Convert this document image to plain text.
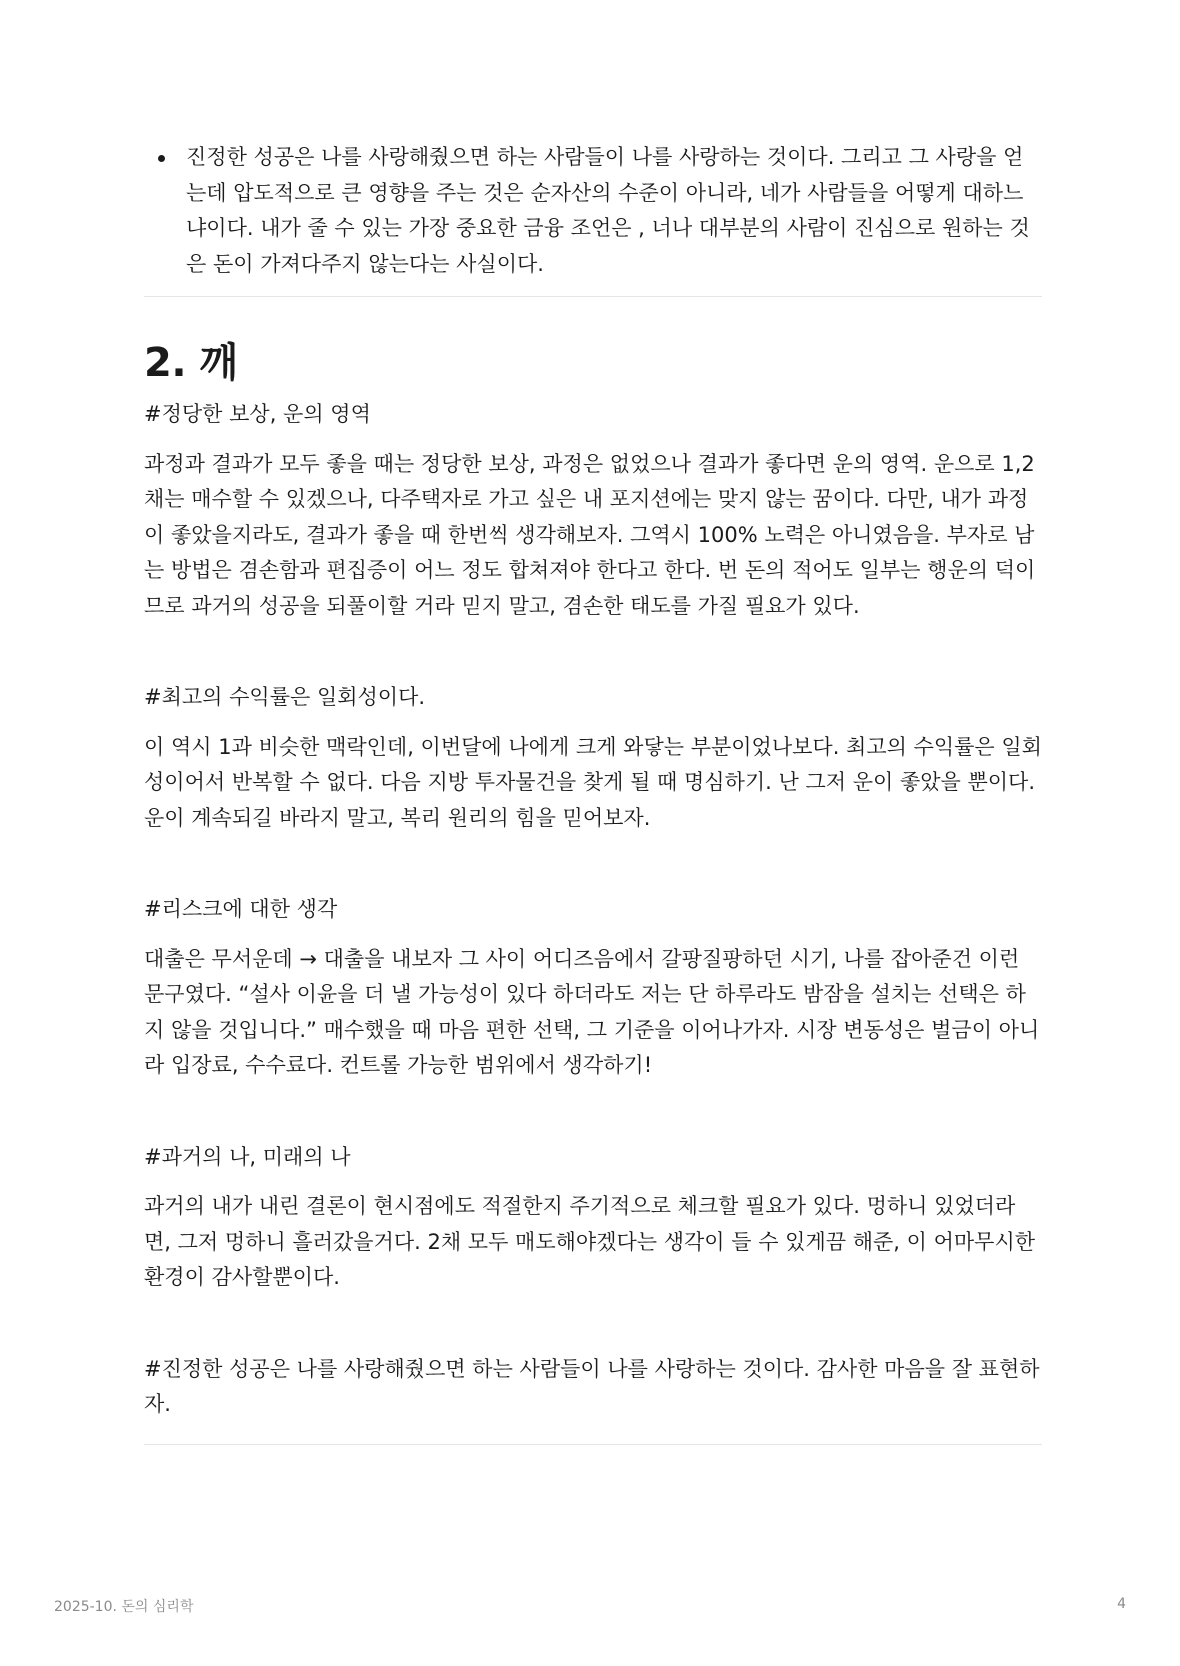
진정한 성공은 나를 사랑해줬으면 하는 사람들이 나를 사랑하는 것이다. 그리고 그 사랑을 얻는데 압도적으로 큰 영향을 주는 것은 순자산의 수준이 아니라, 네가 사람들을 어떻게 대하느냐이다. 내가 줄 수 있는 가장 중요한 금융 조언은 , 너나 대부분의 사람이 진심으로 원하는 것은 돈이 가져다주지 않는다는 사실이다.
2. 깨

#정당한 보상, 운의 영역

과정과 결과가 모두 좋을 때는 정당한 보상, 과정은 없었으나 결과가 좋다면 운의 영역. 운으로 1,2채는 매수할 수 있겠으나, 다주택자로 가고 싶은 내 포지션에는 맞지 않는 꿈이다. 다만, 내가 과정이 좋았을지라도, 결과가 좋을 때 한번씩 생각해보자. 그역시 100% 노력은 아니였음을. 부자로 남는 방법은 겸손함과 편집증이 어느 정도 합쳐져야 한다고 한다. 번 돈의 적어도 일부는 행운의 덕이므로 과거의 성공을 되풀이할 거라 믿지 말고, 겸손한 태도를 가질 필요가 있다.

#최고의 수익률은 일회성이다.

이 역시 1과 비슷한 맥락인데, 이번달에 나에게 크게 와닿는 부분이었나보다. 최고의 수익률은 일회성이어서 반복할 수 없다. 다음 지방 투자물건을 찾게 될 때 명심하기. 난 그저 운이 좋았을 뿐이다. 운이 계속되길 바라지 말고, 복리 원리의 힘을 믿어보자.

#리스크에 대한 생각

대출은 무서운데 → 대출을 내보자 그 사이 어디즈음에서 갈팡질팡하던 시기, 나를 잡아준건 이런 문구였다. “설사 이윤을 더 낼 가능성이 있다 하더라도 저는 단 하루라도 밤잠을 설치는 선택은 하지 않을 것입니다.” 매수했을 때 마음 편한 선택, 그 기준을 이어나가자. 시장 변동성은 벌금이 아니라 입장료, 수수료다. 컨트롤 가능한 범위에서 생각하기!

#과거의 나, 미래의 나

과거의 내가 내린 결론이 현시점에도 적절한지 주기적으로 체크할 필요가 있다. 멍하니 있었더라면, 그저 멍하니 흘러갔을거다. 2채 모두 매도해야겠다는 생각이 들 수 있게끔 해준, 이 어마무시한 환경이 감사할뿐이다.

#진정한 성공은 나를 사랑해줬으면 하는 사람들이 나를 사랑하는 것이다. 감사한 마음을 잘 표현하자.

2025-10. 돈의 심리학	4
